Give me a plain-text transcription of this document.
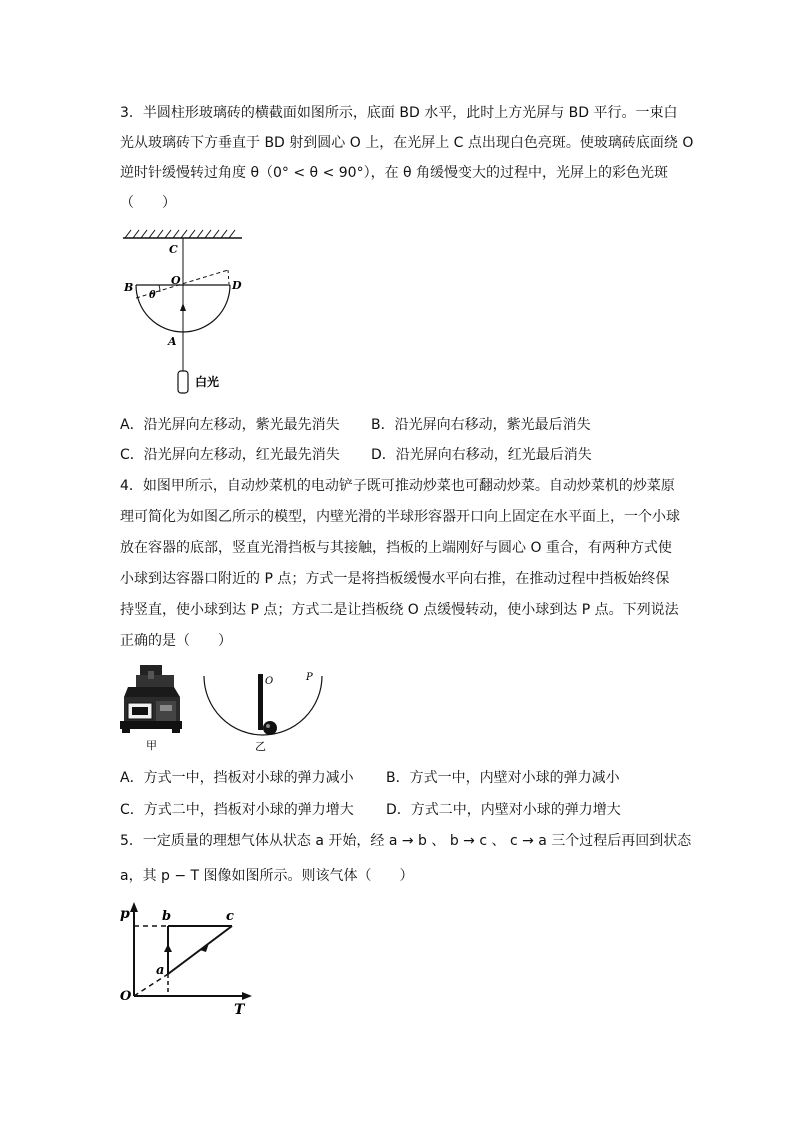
3．半圆柱形玻璃砖的横截面如图所示，底面 BD 水平，此时上方光屏与 BD 平行。一束白
光从玻璃砖下方垂直于 BD 射到圆心 O 上，在光屏上 C 点出现白色亮斑。使玻璃砖底面绕 O
逆时针缓慢转过角度 θ（0° < θ < 90°），在 θ 角缓慢变大的过程中，光屏上的彩色光斑
（　　）
C
O
B	D
θ
A
白光
A．沿光屏向左移动，紫光最先消失 B．沿光屏向右移动，紫光最后消失
C．沿光屏向左移动，红光最先消失 D．沿光屏向右移动，红光最后消失
4．如图甲所示，自动炒菜机的电动铲子既可推动炒菜也可翻动炒菜。自动炒菜机的炒菜原
理可简化为如图乙所示的模型，内壁光滑的半球形容器开口向上固定在水平面上，一个小球
放在容器的底部，竖直光滑挡板与其接触，挡板的上端刚好与圆心 O 重合，有两种方式使
小球到达容器口附近的 P 点；方式一是将挡板缓慢水平向右推，在推动过程中挡板始终保
持竖直，使小球到达 P 点；方式二是让挡板绕 O 点缓慢转动，使小球到达 P 点。下列说法
正确的是（　　）
甲
O	P
乙
A．方式一中，挡板对小球的弹力减小 B．方式一中，内壁对小球的弹力减小
C．方式二中，挡板对小球的弹力增大 D．方式二中，内壁对小球的弹力增大
5．一定质量的理想气体从状态 a 开始，经 a → b 、 b → c 、 c → a 三个过程后再回到状态
a，其 p − T 图像如图所示。则该气体（　　）
p
T
O
a
b	c
